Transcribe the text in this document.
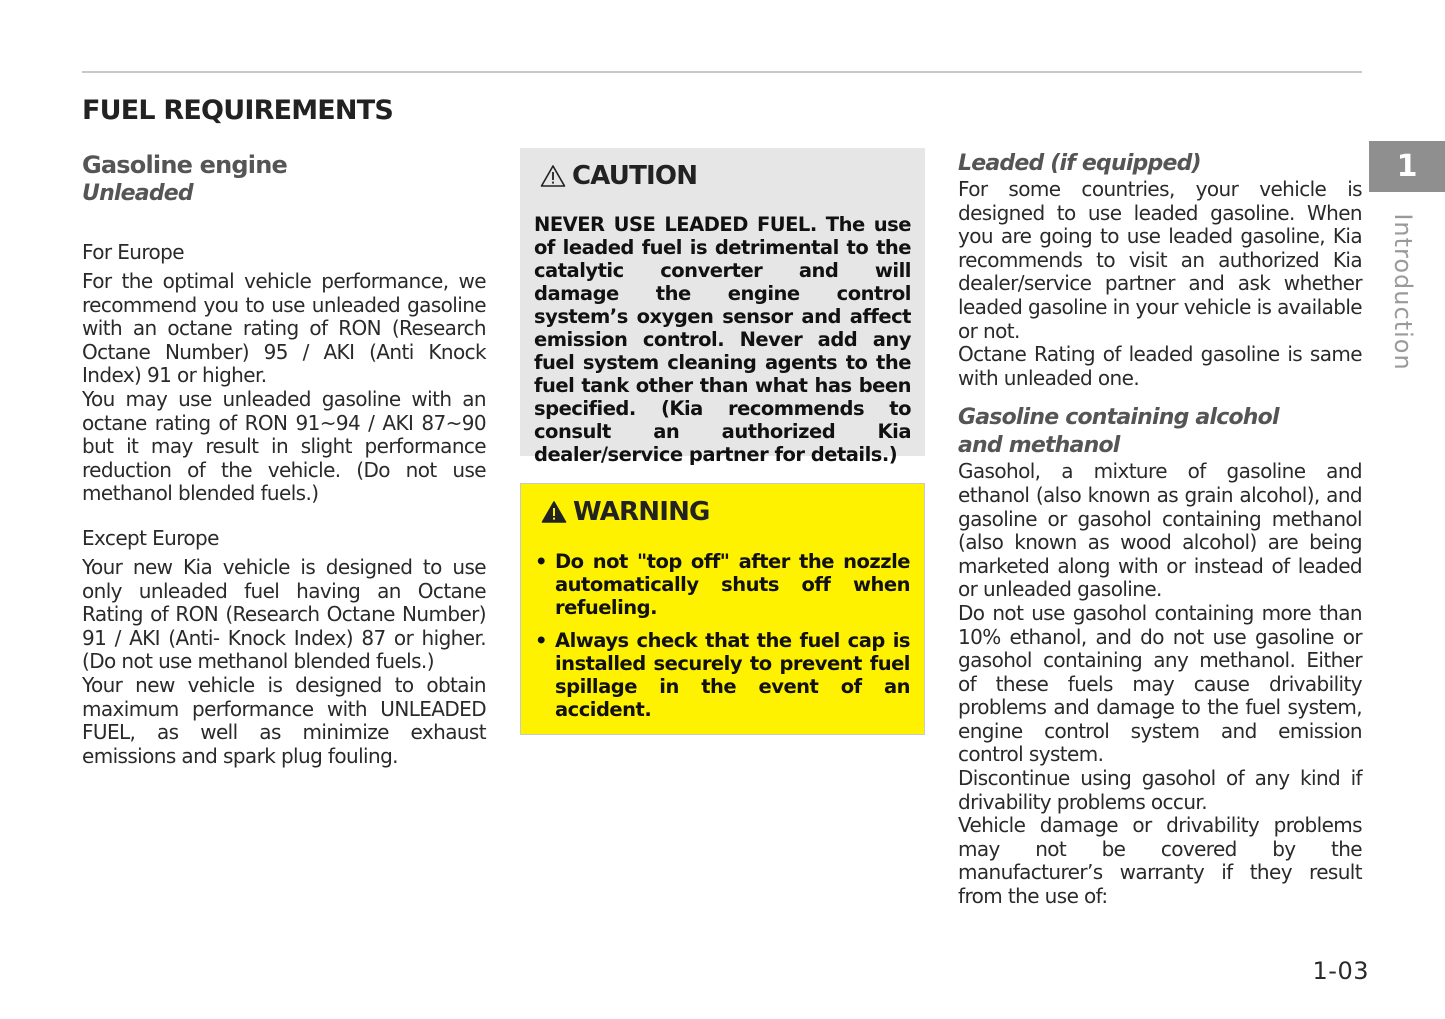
FUEL REQUIREMENTS
Gasoline engine
Unleaded
For Europe

For the optimal vehicle performance, we recommend you to use unleaded gasoline with an octane rating of RON (Research Octane Number) 95 / AKI (Anti Knock Index) 91 or higher.

You may use unleaded gasoline with an octane rating of RON 91~94 / AKI 87~90 but it may result in slight performance reduction of the vehicle. (Do not use methanol blended fuels.)

Except Europe

Your new Kia vehicle is designed to use only unleaded fuel having an Octane Rating of RON (Research Octane Number) 91 / AKI (Anti- Knock Index) 87 or higher. (Do not use methanol blended fuels.)

Your new vehicle is designed to obtain maximum performance with UNLEADED FUEL, as well as minimize exhaust emissions and spark plug fouling.

CAUTION

NEVER USE LEADED FUEL. The use of leaded fuel is detrimental to the catalytic converter and will damage the engine control system’s oxygen sensor and affect emission control. Never add any fuel system cleaning agents to the fuel tank other than what has been specified. (Kia recommends to consult an authorized Kia dealer/service partner for details.)

WARNING
• Do not "top off" after the nozzle automatically shuts off when refueling.
• Always check that the fuel cap is installed securely to prevent fuel spillage in the event of an accident.
Leaded (if equipped)

For some countries, your vehicle is designed to use leaded gasoline. When you are going to use leaded gasoline, Kia recommends to visit an authorized Kia dealer/service partner and ask whether leaded gasoline in your vehicle is available or not.

Octane Rating of leaded gasoline is same with unleaded one.

Gasoline containing alcohol and methanol

Gasohol, a mixture of gasoline and ethanol (also known as grain alcohol), and gasoline or gasohol containing methanol (also known as wood alcohol) are being marketed along with or instead of leaded or unleaded gasoline.

Do not use gasohol containing more than 10% ethanol, and do not use gasoline or gasohol containing any methanol. Either of these fuels may cause drivability problems and damage to the fuel system, engine control system and emission control system.

Discontinue using gasohol of any kind if drivability problems occur.

Vehicle damage or drivability problems may not be covered by the manufacturer’s warranty if they result from the use of:

1
Introduction
1-03
